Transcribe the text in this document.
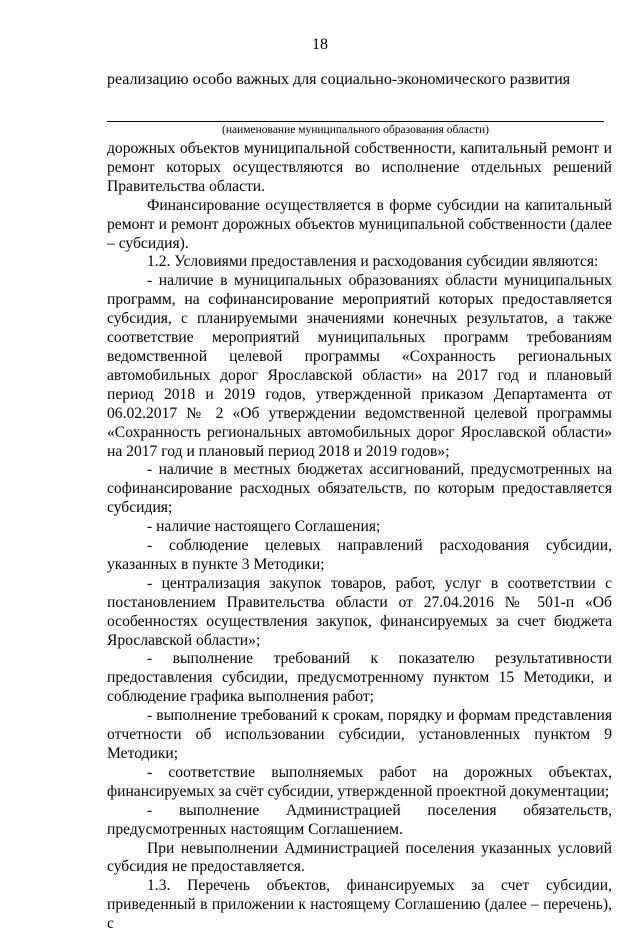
18
реализацию особо важных для социально-экономического развития
(наименование муниципального образования области)

дорожных объектов муниципальной собственности, капитальный ремонт и ремонт которых осуществляются во исполнение отдельных решений Правительства области.

Финансирование осуществляется в форме субсидии на капитальный ремонт и ремонт дорожных объектов муниципальной собственности (далее – субсидия).

1.2. Условиями предоставления и расходования субсидии являются:

- наличие в муниципальных образованиях области муниципальных программ, на софинансирование мероприятий которых предоставляется субсидия, с планируемыми значениями конечных результатов, а также соответствие мероприятий муниципальных программ требованиям ведомственной целевой программы «Сохранность региональных автомобильных дорог Ярославской области» на 2017 год и плановый период 2018 и 2019 годов, утвержденной приказом Департамента от 06.02.2017 № 2 «Об утверждении ведомственной целевой программы «Сохранность региональных автомобильных дорог Ярославской области» на 2017 год и плановый период 2018 и 2019 годов»;

- наличие в местных бюджетах ассигнований, предусмотренных на софинансирование расходных обязательств, по которым предоставляется субсидия;

- наличие настоящего Соглашения;

- соблюдение целевых направлений расходования субсидии, указанных в пункте 3 Методики;

- централизация закупок товаров, работ, услуг в соответствии с постановлением Правительства области от 27.04.2016 № 501-п «Об особенностях осуществления закупок, финансируемых за счет бюджета Ярославской области»;

- выполнение требований к показателю результативности предоставления субсидии, предусмотренному пунктом 15 Методики, и соблюдение графика выполнения работ;

- выполнение требований к срокам, порядку и формам представления отчетности об использовании субсидии, установленных пунктом 9 Методики;

- соответствие выполняемых работ на дорожных объектах, финансируемых за счёт субсидии, утвержденной проектной документации;

- выполнение Администрацией поселения обязательств, предусмотренных настоящим Соглашением.

При невыполнении Администрацией поселения указанных условий субсидия не предоставляется.

1.3. Перечень объектов, финансируемых за счет субсидии, приведенный в приложении к настоящему Соглашению (далее – перечень), с
